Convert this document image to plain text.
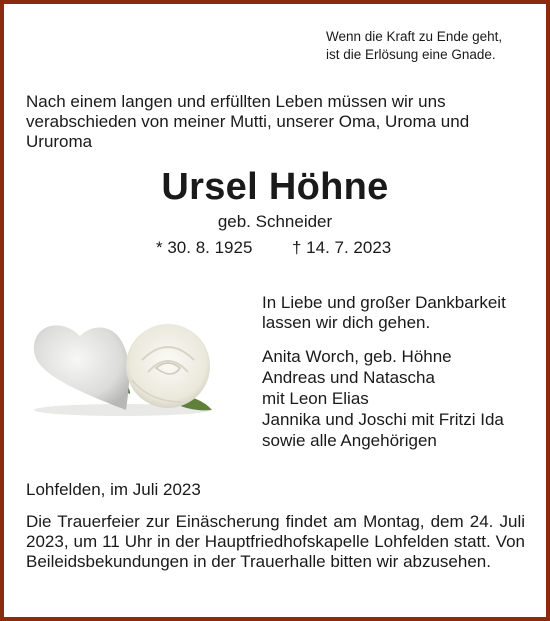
Wenn die Kraft zu Ende geht,
ist die Erlösung eine Gnade.
Nach einem langen und erfüllten Leben müssen wir uns verabschieden von meiner Mutti, unserer Oma, Uroma und Ururoma
Ursel Höhne
geb. Schneider
* 30. 8. 1925 † 14. 7. 2023
In Liebe und großer Dankbarkeit lassen wir dich gehen.
Anita Worch, geb. Höhne
Andreas und Natascha
mit Leon Elias
Jannika und Joschi mit Fritzi Ida
sowie alle Angehörigen
Lohfelden, im Juli 2023
Die Trauerfeier zur Einäscherung findet am Montag, dem 24. Juli 2023, um 11 Uhr in der Hauptfriedhofskapelle Lohfelden statt. Von Beileidsbekundungen in der Trauerhalle bitten wir abzusehen.
